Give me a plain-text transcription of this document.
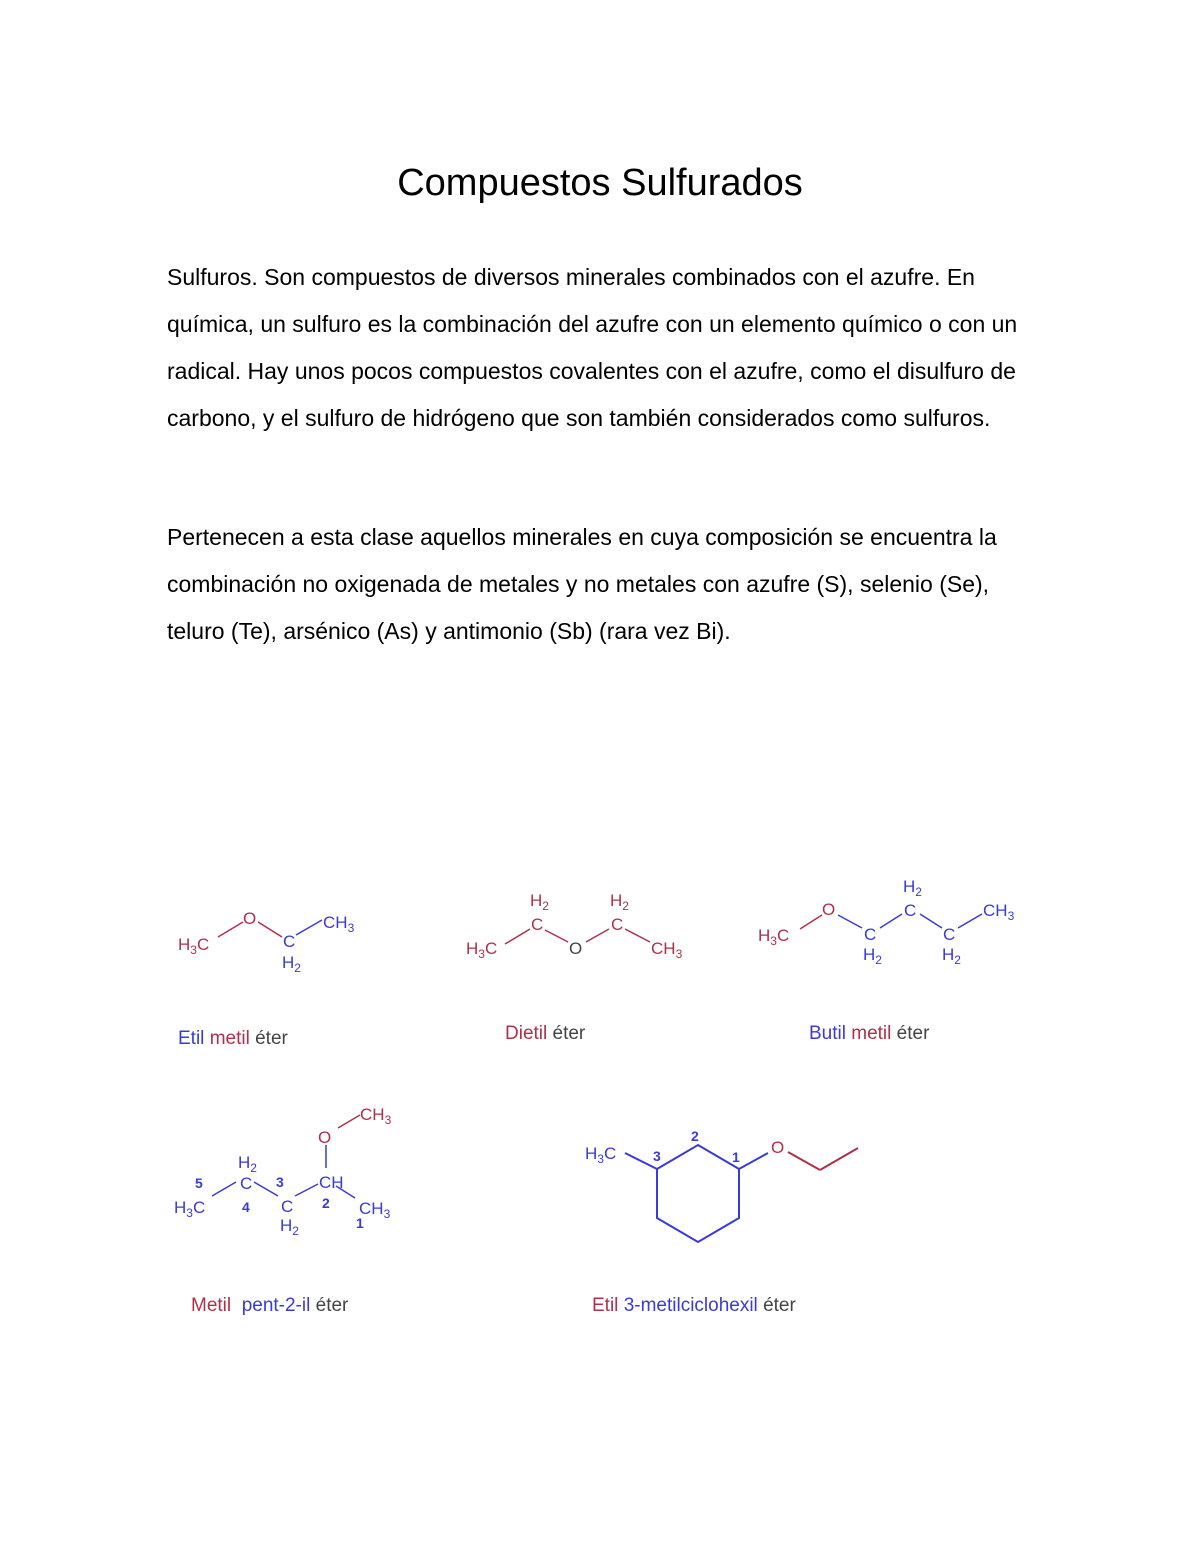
Compuestos Sulfurados

Sulfuros. Son compuestos de diversos minerales combinados con el azufre. En química, un sulfuro es la combinación del azufre con un elemento químico o con un radical. Hay unos pocos compuestos covalentes con el azufre, como el disulfuro de carbono, y el sulfuro de hidrógeno que son también considerados como sulfuros.

Pertenecen a esta clase aquellos minerales en cuya composición se encuentra la combinación no oxigenada de metales y no metales con azufre (S), selenio (Se), teluro (Te), arsénico (As) y antimonio (Sb) (rara vez Bi).

$H_3C$
O
C
$H_2$
$CH_3$
Etil metil éter
$H_3C$
$H_2$
C
O
$H_2$
C
$CH_3$
Dietil éter
$H_3C$
O
C
$H_2$
$H_2$
C
C
$H_2$
$CH_3$
Butil metil éter
$CH_3$
O
CH
$H_3C$
$H_2$
C
C
$H_2$
$CH_3$
5
4
3
2
1
Metil pent-2-il éter
$H_3C$	O
3
2
1
Etil 3-metilciclohexil éter
